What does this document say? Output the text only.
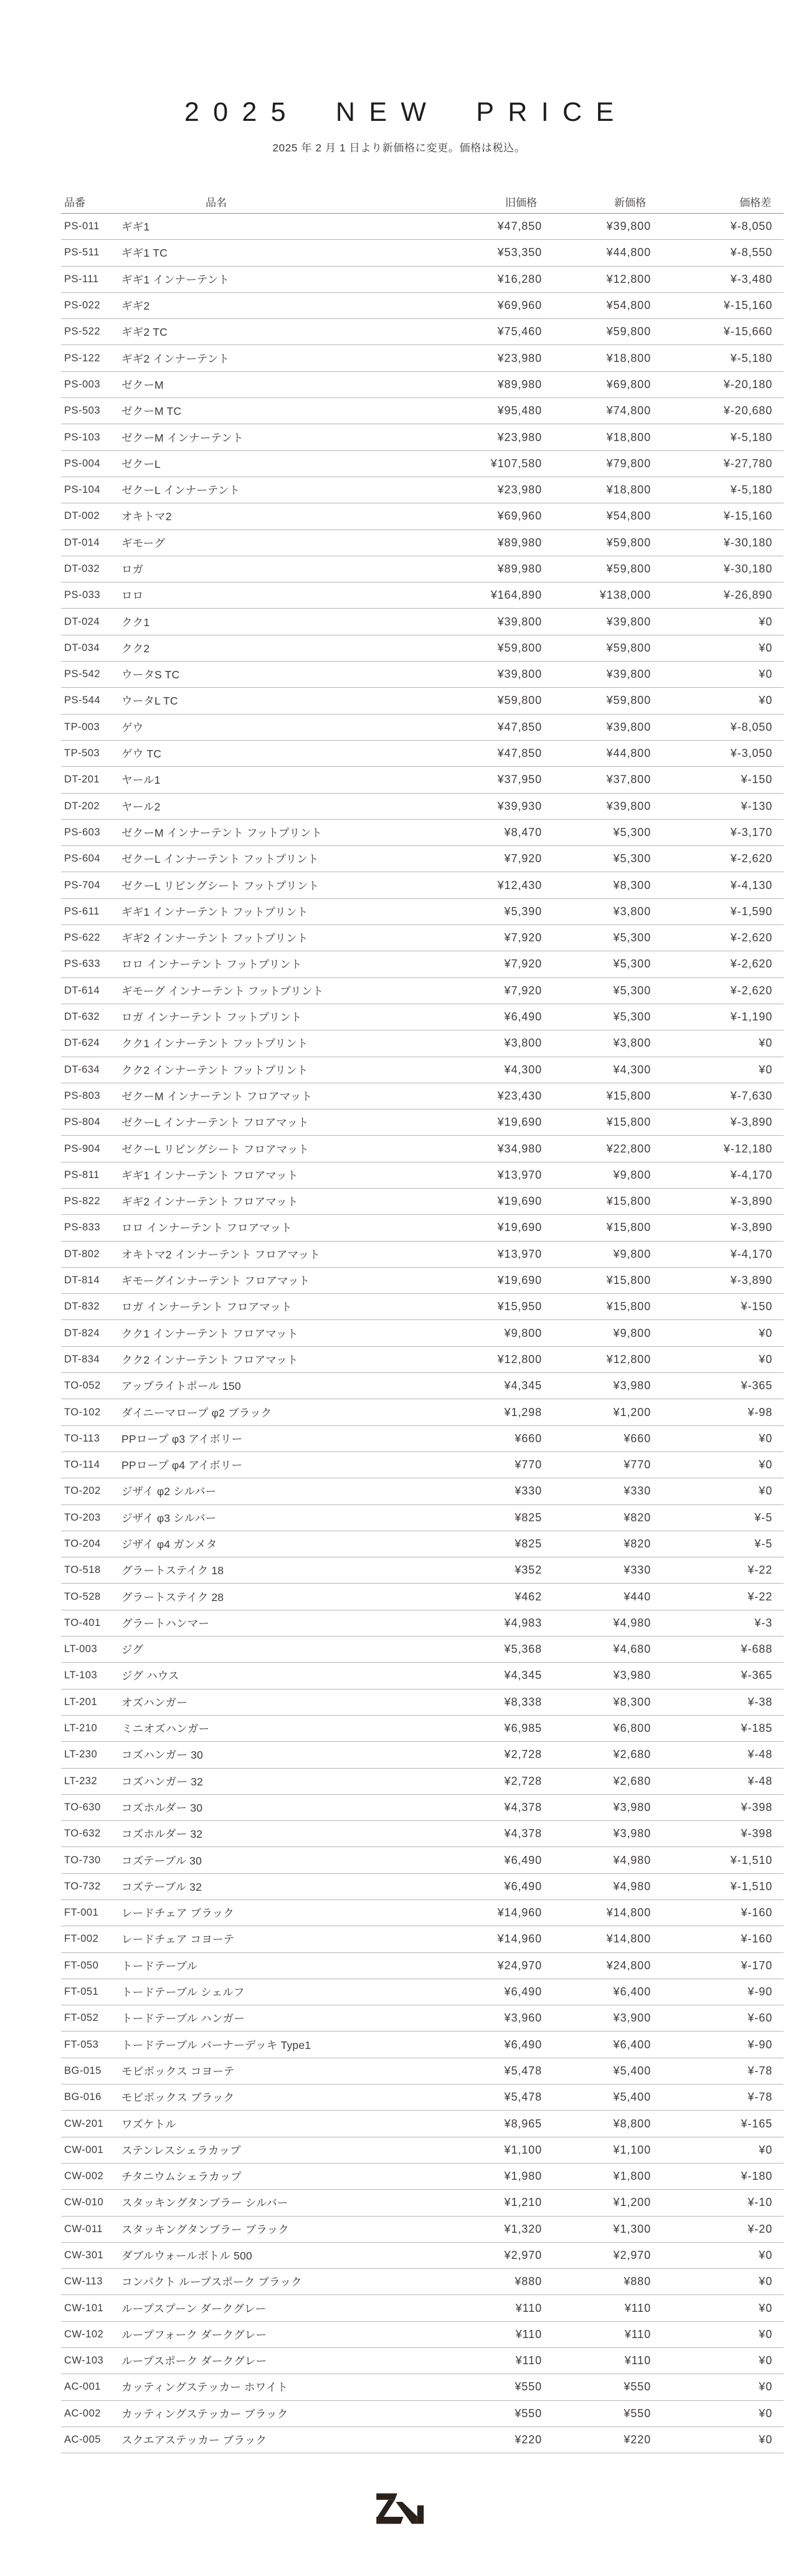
2025 NEW PRICE
2025 年 2 月 1 日より新価格に変更。価格は税込。
品番	品名	旧価格	新価格	価格差
PS-011	ギギ1	¥47,850	¥39,800	¥-8,050
PS-511	ギギ1 TC	¥53,350	¥44,800	¥-8,550
PS-111	ギギ1 インナーテント	¥16,280	¥12,800	¥-3,480
PS-022	ギギ2	¥69,960	¥54,800	¥-15,160
PS-522	ギギ2 TC	¥75,460	¥59,800	¥-15,660
PS-122	ギギ2 インナーテント	¥23,980	¥18,800	¥-5,180
PS-003	ゼクーM	¥89,980	¥69,800	¥-20,180
PS-503	ゼクーM TC	¥95,480	¥74,800	¥-20,680
PS-103	ゼクーM インナーテント	¥23,980	¥18,800	¥-5,180
PS-004	ゼクーL	¥107,580	¥79,800	¥-27,780
PS-104	ゼクーL インナーテント	¥23,980	¥18,800	¥-5,180
DT-002	オキトマ2	¥69,960	¥54,800	¥-15,160
DT-014	ギモーグ	¥89,980	¥59,800	¥-30,180
DT-032	ロガ	¥89,980	¥59,800	¥-30,180
PS-033	ロロ	¥164,890	¥138,000	¥-26,890
DT-024	クク1	¥39,800	¥39,800	¥0
DT-034	クク2	¥59,800	¥59,800	¥0
PS-542	ウータS TC	¥39,800	¥39,800	¥0
PS-544	ウータL TC	¥59,800	¥59,800	¥0
TP-003	ゲウ	¥47,850	¥39,800	¥-8,050
TP-503	ゲウ TC	¥47,850	¥44,800	¥-3,050
DT-201	ヤール1	¥37,950	¥37,800	¥-150
DT-202	ヤール2	¥39,930	¥39,800	¥-130
PS-603	ゼクーM インナーテント フットプリント	¥8,470	¥5,300	¥-3,170
PS-604	ゼクーL インナーテント フットプリント	¥7,920	¥5,300	¥-2,620
PS-704	ゼクーL リビングシート フットプリント	¥12,430	¥8,300	¥-4,130
PS-611	ギギ1 インナーテント フットプリント	¥5,390	¥3,800	¥-1,590
PS-622	ギギ2 インナーテント フットプリント	¥7,920	¥5,300	¥-2,620
PS-633	ロロ インナーテント フットプリント	¥7,920	¥5,300	¥-2,620
DT-614	ギモーグ インナーテント フットプリント	¥7,920	¥5,300	¥-2,620
DT-632	ロガ インナーテント フットプリント	¥6,490	¥5,300	¥-1,190
DT-624	クク1 インナーテント フットプリント	¥3,800	¥3,800	¥0
DT-634	クク2 インナーテント フットプリント	¥4,300	¥4,300	¥0
PS-803	ゼクーM インナーテント フロアマット	¥23,430	¥15,800	¥-7,630
PS-804	ゼクーL インナーテント フロアマット	¥19,690	¥15,800	¥-3,890
PS-904	ゼクーL リビングシート フロアマット	¥34,980	¥22,800	¥-12,180
PS-811	ギギ1 インナーテント フロアマット	¥13,970	¥9,800	¥-4,170
PS-822	ギギ2 インナーテント フロアマット	¥19,690	¥15,800	¥-3,890
PS-833	ロロ インナーテント フロアマット	¥19,690	¥15,800	¥-3,890
DT-802	オキトマ2 インナーテント フロアマット	¥13,970	¥9,800	¥-4,170
DT-814	ギモーグインナーテント フロアマット	¥19,690	¥15,800	¥-3,890
DT-832	ロガ インナーテント フロアマット	¥15,950	¥15,800	¥-150
DT-824	クク1 インナーテント フロアマット	¥9,800	¥9,800	¥0
DT-834	クク2 インナーテント フロアマット	¥12,800	¥12,800	¥0
TO-052	アップライトポール 150	¥4,345	¥3,980	¥-365
TO-102	ダイニーマロープ φ2 ブラック	¥1,298	¥1,200	¥-98
TO-113	PPロープ φ3 アイボリー	¥660	¥660	¥0
TO-114	PPロープ φ4 アイボリー	¥770	¥770	¥0
TO-202	ジザイ φ2 シルバー	¥330	¥330	¥0
TO-203	ジザイ φ3 シルバー	¥825	¥820	¥-5
TO-204	ジザイ φ4 ガンメタ	¥825	¥820	¥-5
TO-518	グラートステイク 18	¥352	¥330	¥-22
TO-528	グラートステイク 28	¥462	¥440	¥-22
TO-401	グラートハンマー	¥4,983	¥4,980	¥-3
LT-003	ジグ	¥5,368	¥4,680	¥-688
LT-103	ジグ ハウス	¥4,345	¥3,980	¥-365
LT-201	オズハンガー	¥8,338	¥8,300	¥-38
LT-210	ミニオズハンガー	¥6,985	¥6,800	¥-185
LT-230	コズハンガー 30	¥2,728	¥2,680	¥-48
LT-232	コズハンガー 32	¥2,728	¥2,680	¥-48
TO-630	コズホルダー 30	¥4,378	¥3,980	¥-398
TO-632	コズホルダー 32	¥4,378	¥3,980	¥-398
TO-730	コズテーブル 30	¥6,490	¥4,980	¥-1,510
TO-732	コズテーブル 32	¥6,490	¥4,980	¥-1,510
FT-001	レードチェア ブラック	¥14,960	¥14,800	¥-160
FT-002	レードチェア コヨーテ	¥14,960	¥14,800	¥-160
FT-050	トードテーブル	¥24,970	¥24,800	¥-170
FT-051	トードテーブル シェルフ	¥6,490	¥6,400	¥-90
FT-052	トードテーブル ハンガー	¥3,960	¥3,900	¥-60
FT-053	トードテーブル バーナーデッキ Type1	¥6,490	¥6,400	¥-90
BG-015	モビボックス コヨーテ	¥5,478	¥5,400	¥-78
BG-016	モビボックス ブラック	¥5,478	¥5,400	¥-78
CW-201	ワズケトル	¥8,965	¥8,800	¥-165
CW-001	ステンレスシェラカップ	¥1,100	¥1,100	¥0
CW-002	チタニウムシェラカップ	¥1,980	¥1,800	¥-180
CW-010	スタッキングタンブラー シルバー	¥1,210	¥1,200	¥-10
CW-011	スタッキングタンブラー ブラック	¥1,320	¥1,300	¥-20
CW-301	ダブルウォールボトル 500	¥2,970	¥2,970	¥0
CW-113	コンパクト ループスポーク ブラック	¥880	¥880	¥0
CW-101	ループスプーン ダークグレー	¥110	¥110	¥0
CW-102	ループフォーク ダークグレー	¥110	¥110	¥0
CW-103	ループスポーク ダークグレー	¥110	¥110	¥0
AC-001	カッティングステッカー ホワイト	¥550	¥550	¥0
AC-002	カッティングステッカー ブラック	¥550	¥550	¥0
AC-005	スクエアステッカー ブラック	¥220	¥220	¥0
